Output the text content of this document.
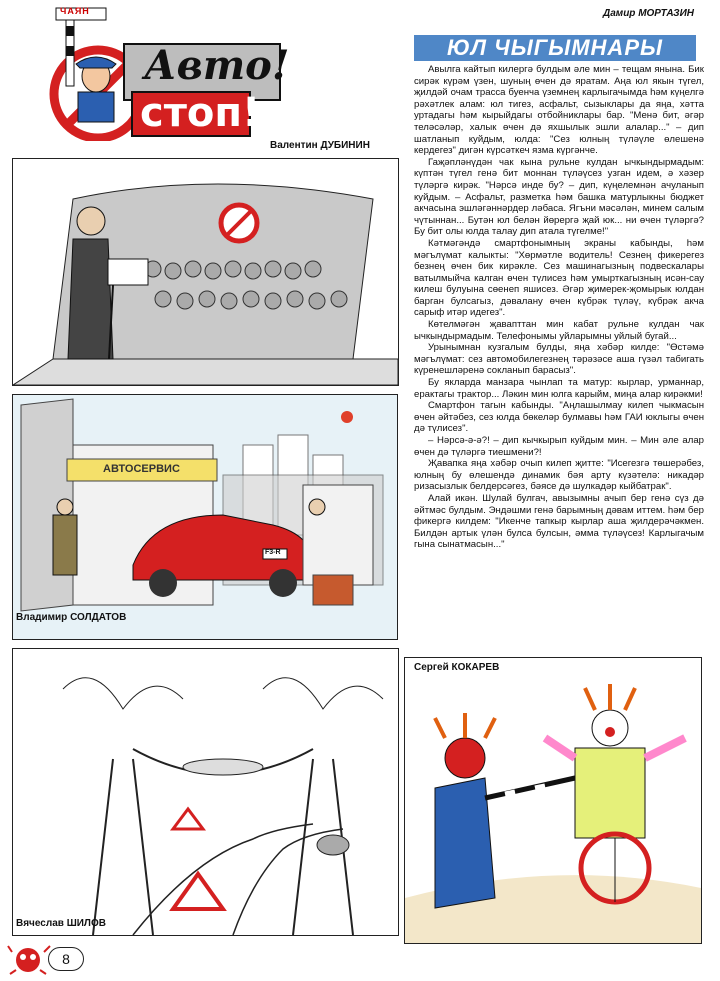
Авто!
стоп!
ЧАЯН	Дамир МОРТАЗИН
ЮЛ ЧЫГЫМНАРЫ

Авылга кайтып килергә булдым әле мин – тещам янына. Бик сирәк күрәм үзен, шуның өчен дә яратам. Аңа юл якын түгел, җилдәй очам трасса буенча үземнең карлыгачымда һәм күңелгә рәхәтлек алам: юл тигез, асфальт, сызыклары да яңа, хәтта уртадагы һәм кырыйдагы отбойниклары бар. "Менә бит, әгәр теләсәләр, халык өчен дә яхшылык эшли алалар..." – дип шатланып куйдым, юлда: "Сез юлның түләүле өлешенә кердегез" дигән күрсәткеч язма күргәнче.

Гаҗәпләнүдән чак кына рульне кулдан ычкындырмадым: күптән түгел генә бит моннан түләүсез узган идем, ә хәзер түләргә кирәк. "Нәрсә инде бу? – дип, күңелемнән ачуланып куйдым. – Асфальт, разметка һәм башка матурлыкны бюджет акчасына эшләгәннәрдер ләбаса. Ягъни мәсәлән, минем салым чүтыннан... Бутән юл белән йөрергә җай юк... ни өчен түләргә? Бу бит олы юлда талау дип атала түгелме!"

Кәтмәгәндә смартфонымның экраны кабынды, һәм мәгълүмат калыкты: "Хөрмәтле водитель! Сезнең фикерегез безнең өчен бик кирәкле. Сез машинагызның подвескалары ватылмыйча калган өчен түлисез һәм умырткагызның исән-сау килеш булуына сөенеп яшисез. Әгәр җимерек-җомырык юлдан барган булсагыз, дәвалану өчен күбрәк түләү, күбрәк акча сарыф итәр идегез".

Көтелмәгән җавапттан мин кабат рульне кулдан чак ычкындырмадым. Телефонымы уйларымны уйлый бугай...

Урынымнан кузгалым булды, яңа хәбәр килде: "Өстәмә мәгълүмат: сез автомобилегезнең тәрәзәсе аша гүзәл табигать күренешләренә сокланып барасыз".

Бу якларда манзара чынлап та матур: кырлар, урманнар, ерактагы трактор... Ләкин мин юлга карыйм, миңа алар кирәкми!

Смартфон тагын кабынды. "Аңлашылмау килеп чыкмасын өчен әйтәбез, сез юлда бөкеләр булмавы һәм ГАИ юклыгы өчен дә түлисез".

– Нәрсә-ә-ә?! – дип кычкырып куйдым мин. – Мин әле алар өчен дә түләргә тиешмени?!

Җавапка яңа хәбәр очып килеп җитте: "Исегезгә төшерәбез, юлның бу өлешендә динамик бәя арту күзәтелә: никадәр ризасызлык белдерсәгез, бәясе дә шулкадәр кыйбатрак".

Алай икән. Шулай булгач, авызымны ачып бер генә сүз дә әйтмәс булдым. Эндәшми генә барымның дәвам иттем. һәм бер фикергә килдем: "Икенче тапкыр кырлар аша җилдерәчәкмен. Билдән артык үлән булса булсын, әмма түләүсез! Карлыгачым гына сынатмасын..."

Валентин ДУБИНИН
АВТОСЕРВИС
F3-R
Владимир СОЛДАТОВ
Вячеслав ШИЛОВ
Сергей КОКАРЕВ
8
